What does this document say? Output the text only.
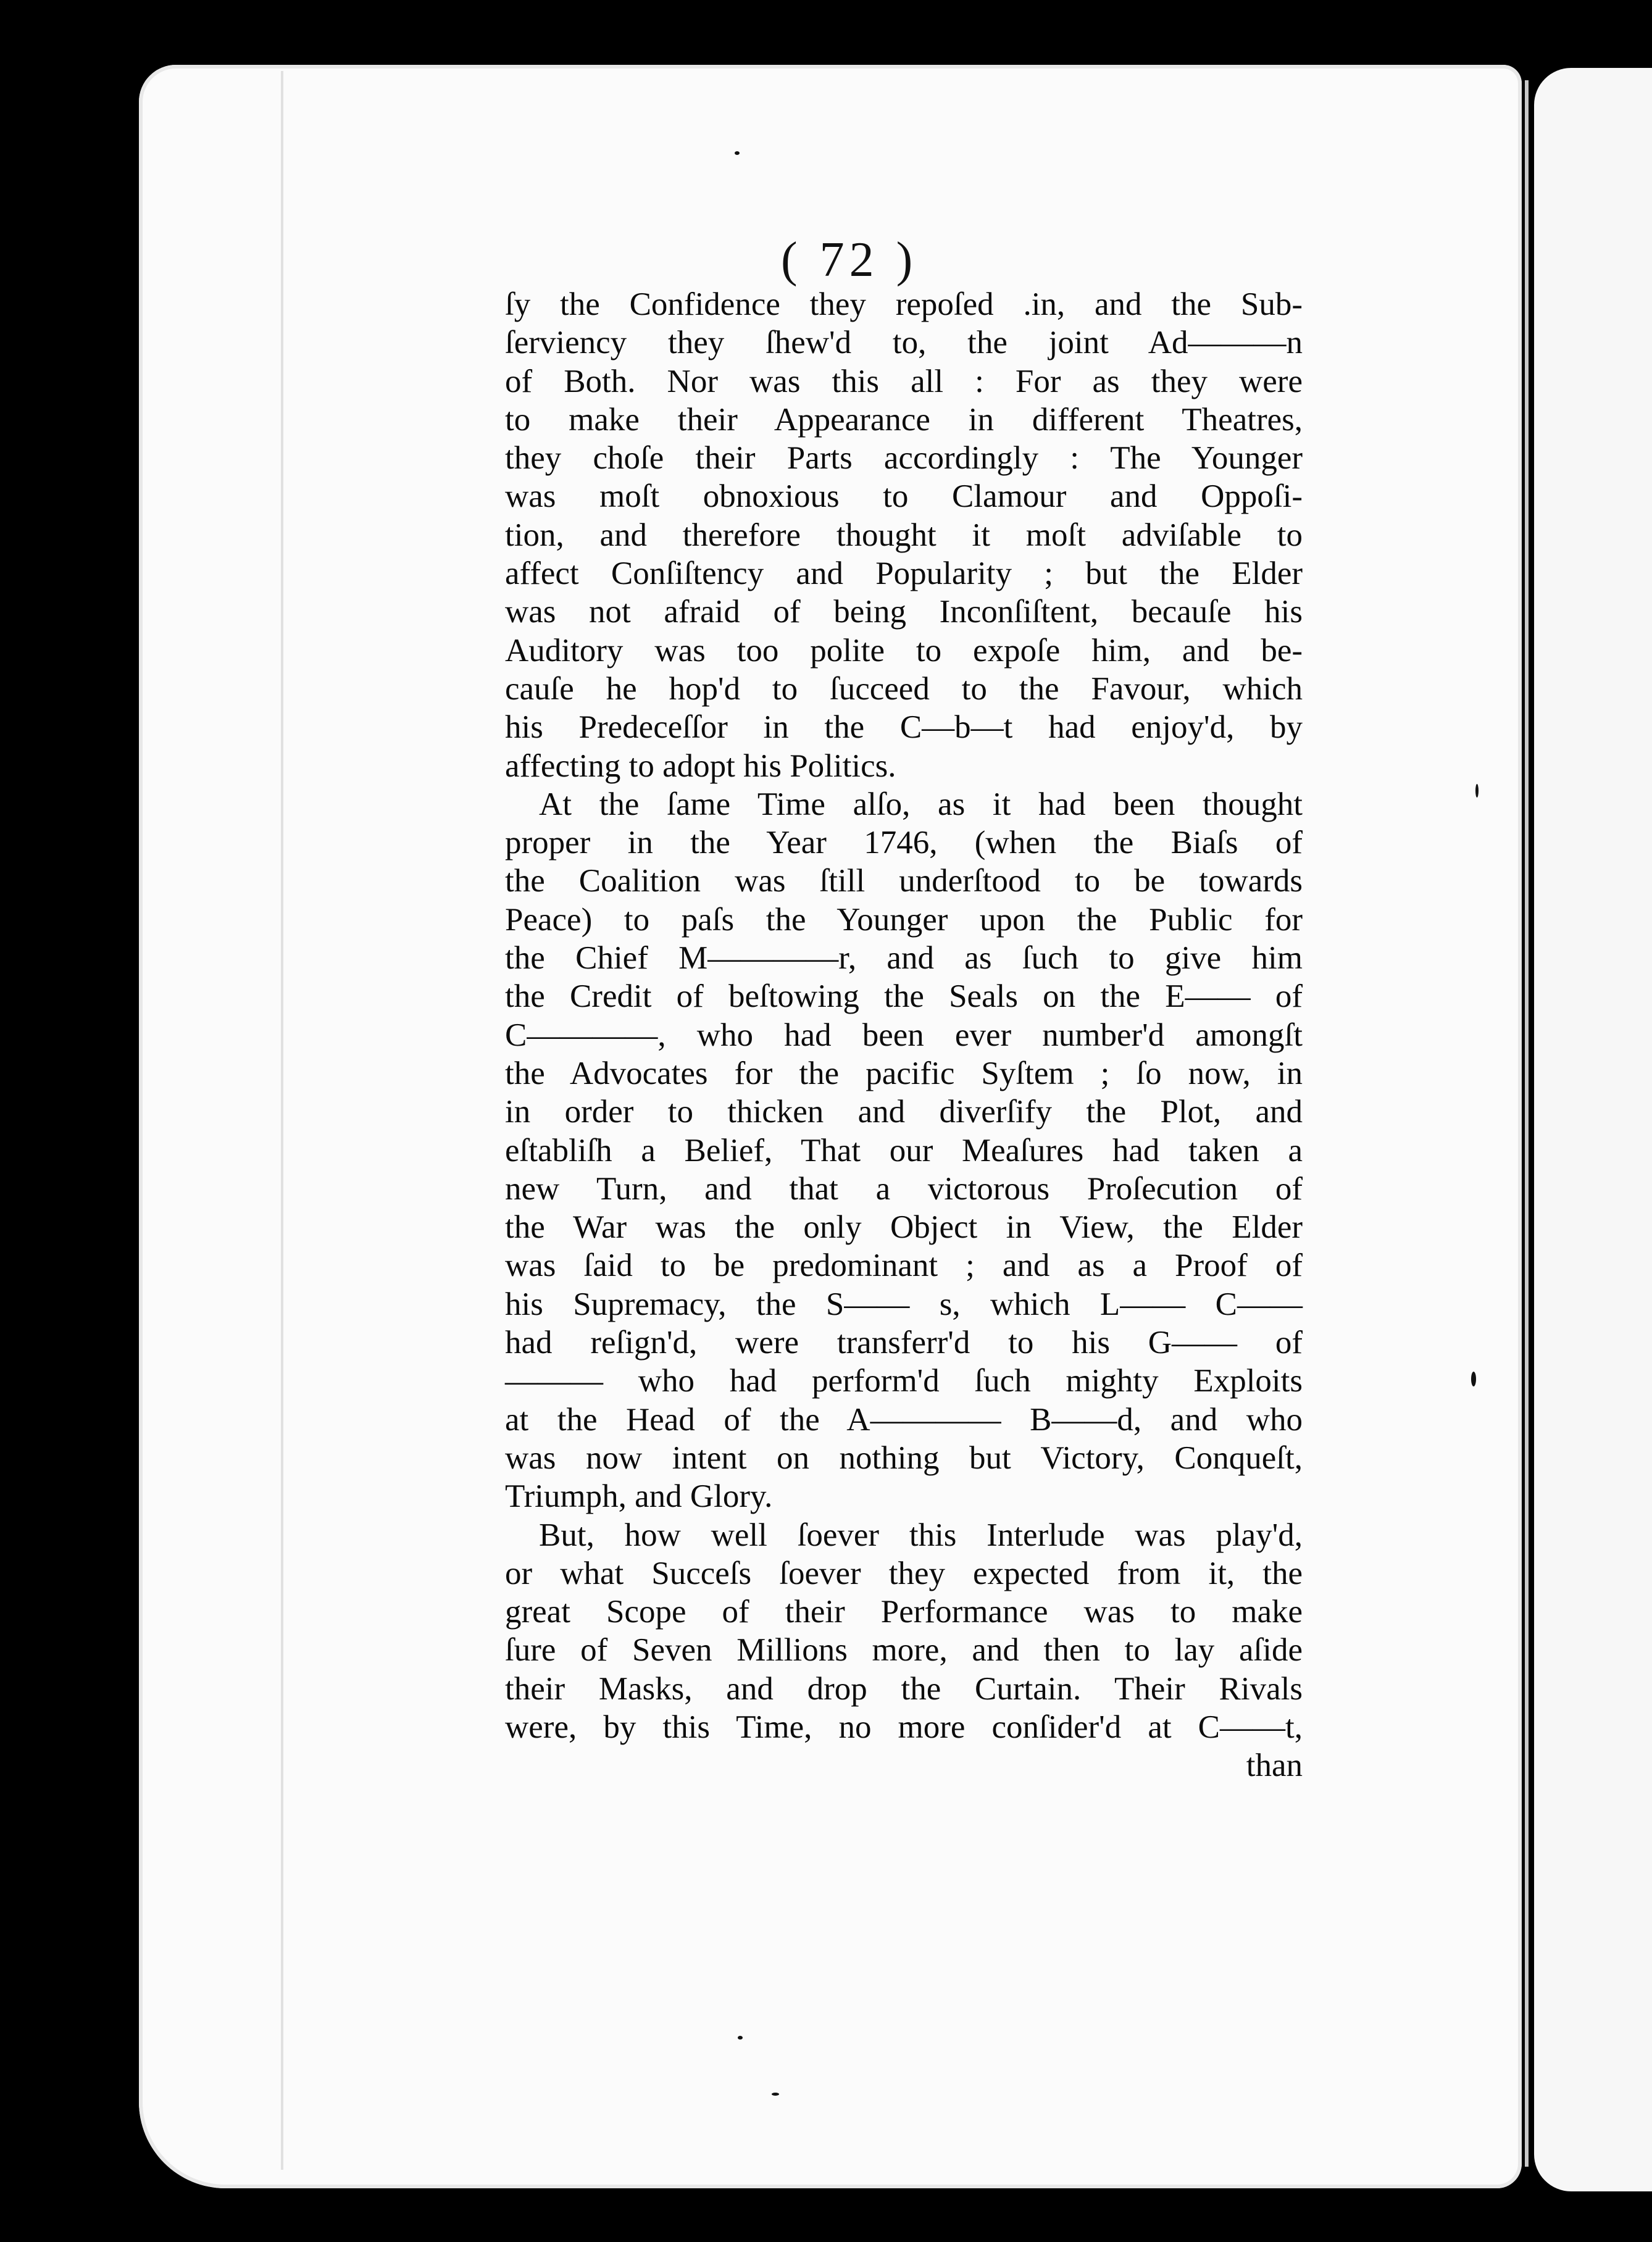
( 72 )
ſy the Confidence they repoſed .in, and the Sub-
ſerviency they ſhew'd to, the joint Ad———n
of Both. Nor was this all : For as they were
to make their Appearance in different Theatres,
they choſe their Parts accordingly : The Younger
was moſt obnoxious to Clamour and Oppoſi-
tion, and therefore thought it moſt adviſable to
affect Conſiſtency and Popularity ; but the Elder
was not afraid of being Inconſiſtent, becauſe his
Auditory was too polite to expoſe him, and be-
cauſe he hop'd to ſucceed to the Favour, which
his Predeceſſor in the C—b—t had enjoy'd, by
affecting to adopt his Politics.
At the ſame Time alſo, as it had been thought
proper in the Year 1746, (when the Biaſs of
the Coalition was ſtill underſtood to be towards
Peace) to paſs the Younger upon the Public for
the Chief M————r, and as ſuch to give him
the Credit of beſtowing the Seals on the E—— of
C————, who had been ever number'd amongſt
the Advocates for the pacific Syſtem ; ſo now, in
in order to thicken and diverſify the Plot, and
eſtabliſh a Belief, That our Meaſures had taken a
new Turn, and that a victorous Proſecution of
the War was the only Object in View, the Elder
was ſaid to be predominant ; and as a Proof of
his Supremacy, the S—— s, which L—— C——
had reſign'd, were transferr'd to his G—— of
——— who had perform'd ſuch mighty Exploits
at the Head of the A———— B——d, and who
was now intent on nothing but Victory, Conqueſt,
Triumph, and Glory.
But, how well ſoever this Interlude was play'd,
or what Succeſs ſoever they expected from it, the
great Scope of their Performance was to make
ſure of Seven Millions more, and then to lay aſide
their Masks, and drop the Curtain. Their Rivals
were, by this Time, no more conſider'd at C——t,
than
